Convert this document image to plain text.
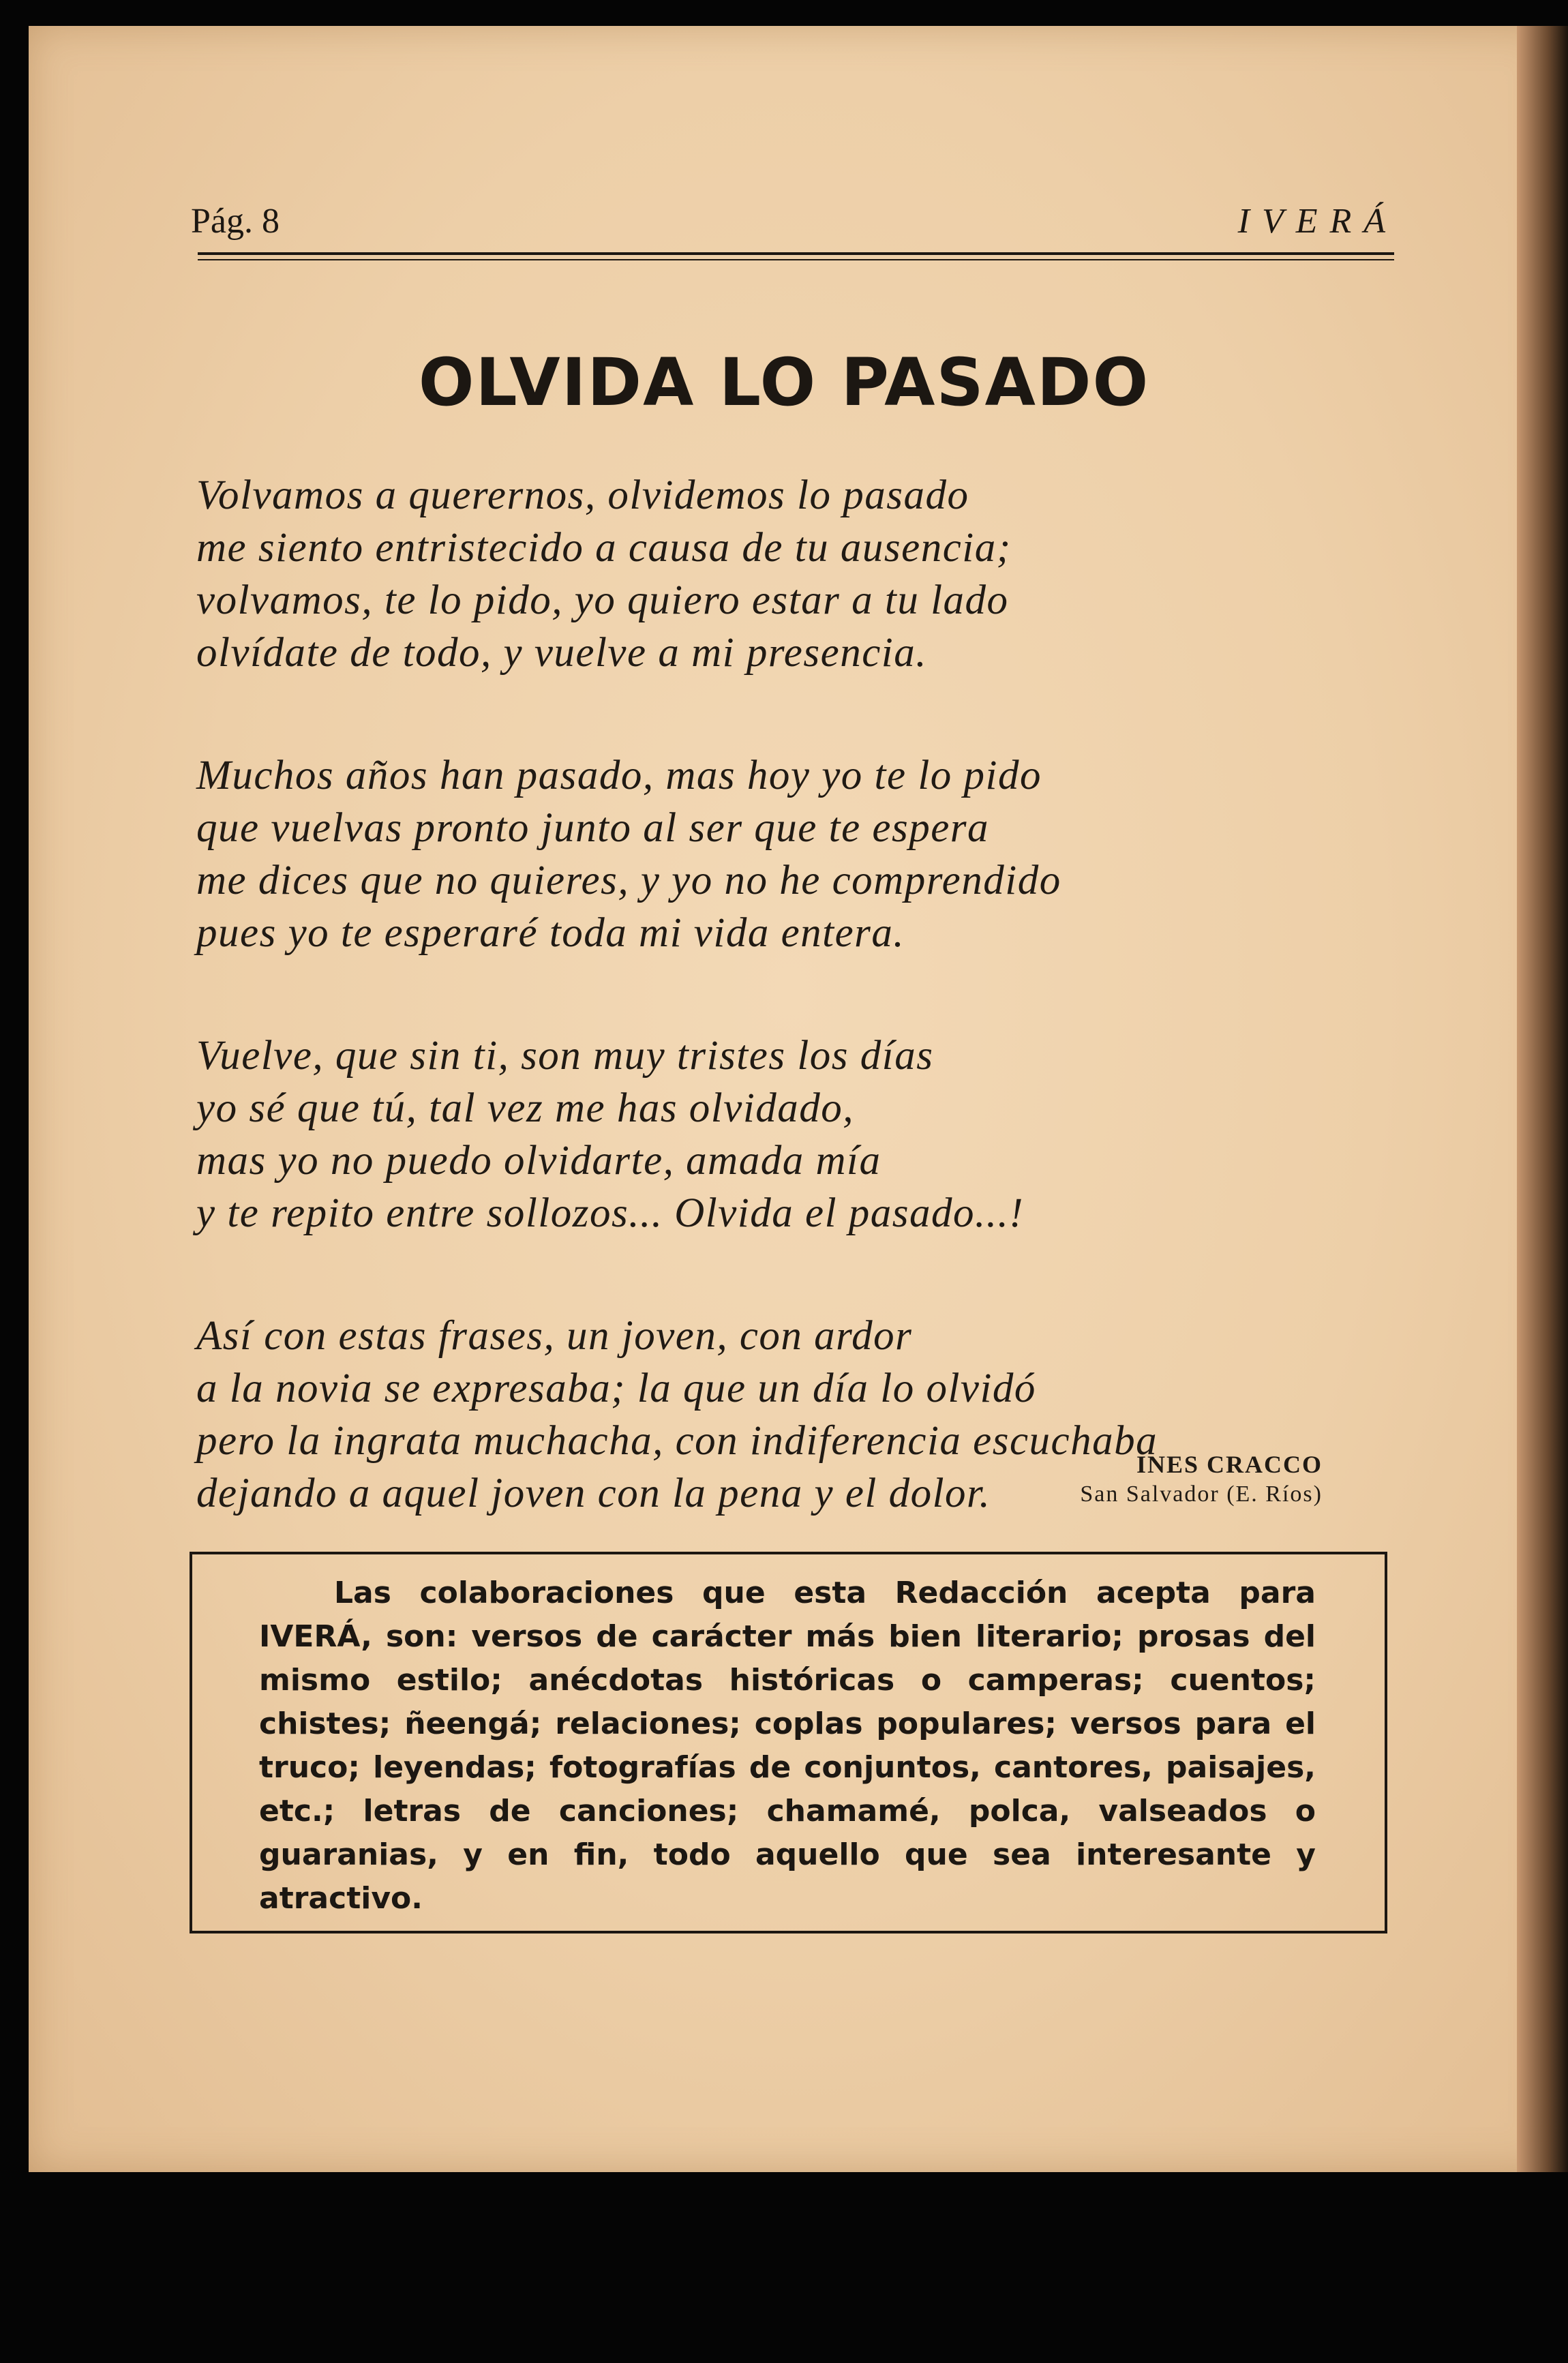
Pág. 8	IVERÁ
OLVIDA LO PASADO
Volvamos a querernos, olvidemos lo pasado
me siento entristecido a causa de tu ausencia;
volvamos, te lo pido, yo quiero estar a tu lado
olvídate de todo, y vuelve a mi presencia.
Muchos años han pasado, mas hoy yo te lo pido
que vuelvas pronto junto al ser que te espera
me dices que no quieres, y yo no he comprendido
pues yo te esperaré toda mi vida entera.
Vuelve, que sin ti, son muy tristes los días
yo sé que tú, tal vez me has olvidado,
mas yo no puedo olvidarte, amada mía
y te repito entre sollozos... Olvida el pasado...!
Así con estas frases, un joven, con ardor
a la novia se expresaba; la que un día lo olvidó
pero la ingrata muchacha, con indiferencia escuchaba
dejando a aquel joven con la pena y el dolor.
INES CRACCO
San Salvador (E. Ríos)
Las colaboraciones que esta Redacción acepta para IVERÁ, son: versos de carácter más bien literario; prosas del mismo estilo; anécdotas históricas o camperas; cuentos; chistes; ñeengá; relaciones; coplas populares; versos para el truco; leyendas; fotografías de conjuntos, cantores, paisajes, etc.; letras de canciones; chamamé, polca, valseados o guaranias, y en fin, todo aquello que sea interesante y atractivo.
